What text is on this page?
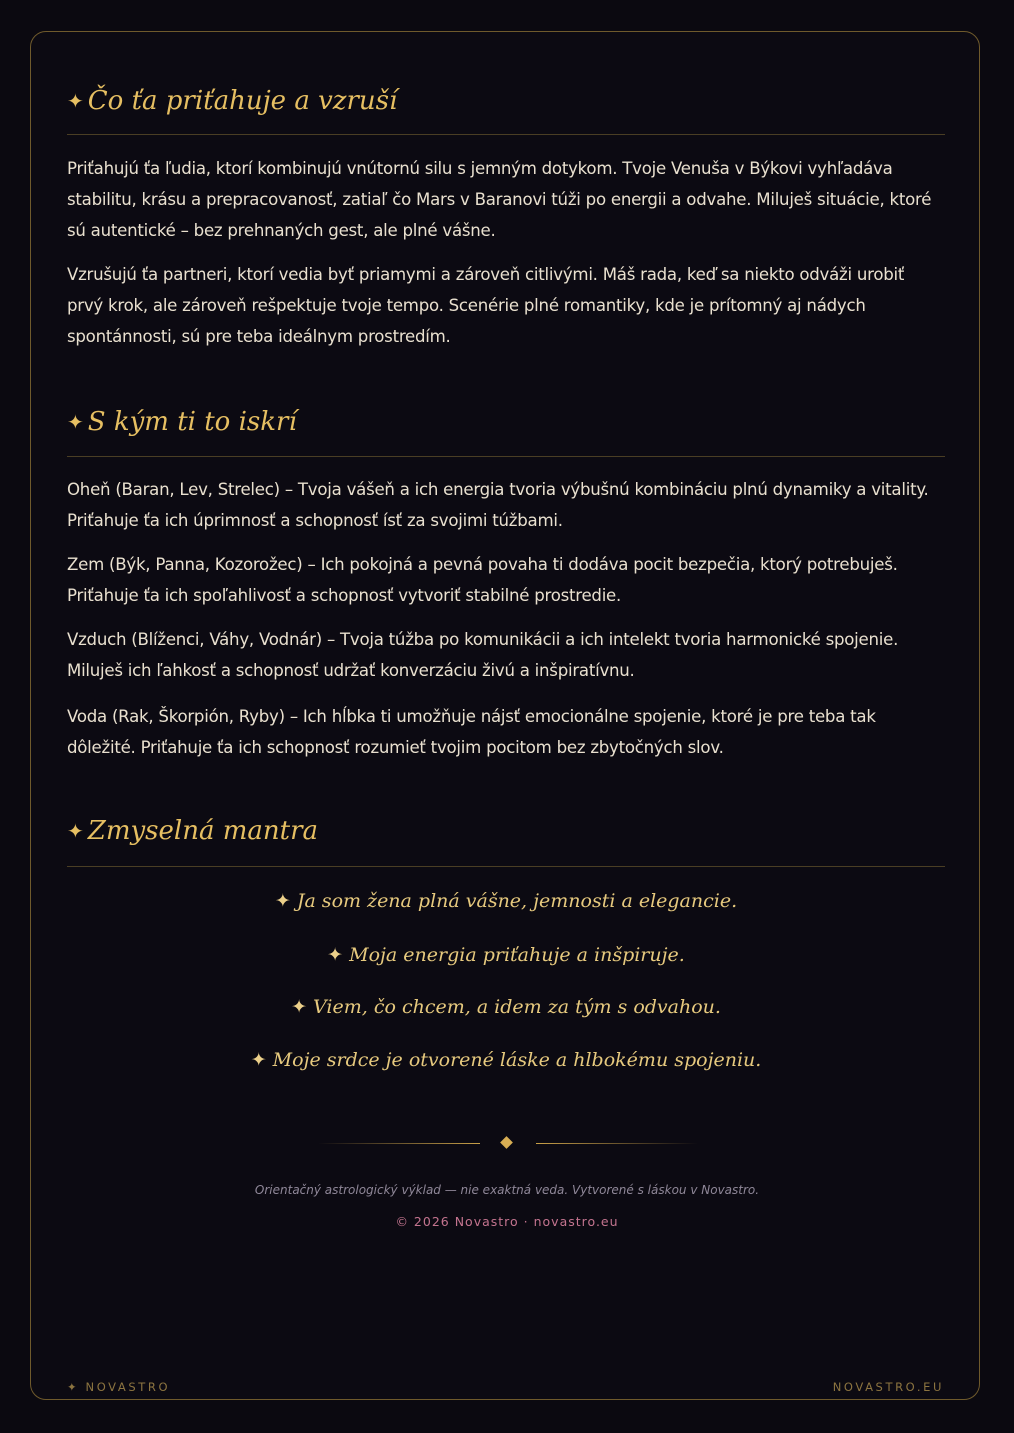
✦ Čo ťa priťahuje a vzruší

Priťahujú ťa ľudia, ktorí kombinujú vnútornú silu s jemným dotykom. Tvoje Venuša v Býkovi vyhľadáva stabilitu, krásu a prepracovanosť, zatiaľ čo Mars v Baranovi túži po energii a odvahe. Miluješ situácie, ktoré sú autentické – bez prehnaných gest, ale plné vášne.

Vzrušujú ťa partneri, ktorí vedia byť priamymi a zároveň citlivými. Máš rada, keď sa niekto odváži urobiť prvý krok, ale zároveň rešpektuje tvoje tempo. Scenérie plné romantiky, kde je prítomný aj nádych spontánnosti, sú pre teba ideálnym prostredím.

✦ S kým ti to iskrí

Oheň (Baran, Lev, Strelec) – Tvoja vášeň a ich energia tvoria výbušnú kombináciu plnú dynamiky a vitality. Priťahuje ťa ich úprimnosť a schopnosť ísť za svojimi túžbami.

Zem (Býk, Panna, Kozorožec) – Ich pokojná a pevná povaha ti dodáva pocit bezpečia, ktorý potrebuješ. Priťahuje ťa ich spoľahlivosť a schopnosť vytvoriť stabilné prostredie.

Vzduch (Blíženci, Váhy, Vodnár) – Tvoja túžba po komunikácii a ich intelekt tvoria harmonické spojenie. Miluješ ich ľahkosť a schopnosť udržať konverzáciu živú a inšpiratívnu.

Voda (Rak, Škorpión, Ryby) – Ich hĺbka ti umožňuje nájsť emocionálne spojenie, ktoré je pre teba tak dôležité. Priťahuje ťa ich schopnosť rozumieť tvojim pocitom bez zbytočných slov.

✦ Zmyselná mantra

✦ Ja som žena plná vášne, jemnosti a elegancie.

✦ Moja energia priťahuje a inšpiruje.

✦ Viem, čo chcem, a idem za tým s odvahou.

✦ Moje srdce je otvorené láske a hlbokému spojeniu.

Orientačný astrologický výklad — nie exaktná veda. Vytvorené s láskou v Novastro.
© 2026 Novastro · novastro.eu
✦ NOVASTRO	NOVASTRO.EU
